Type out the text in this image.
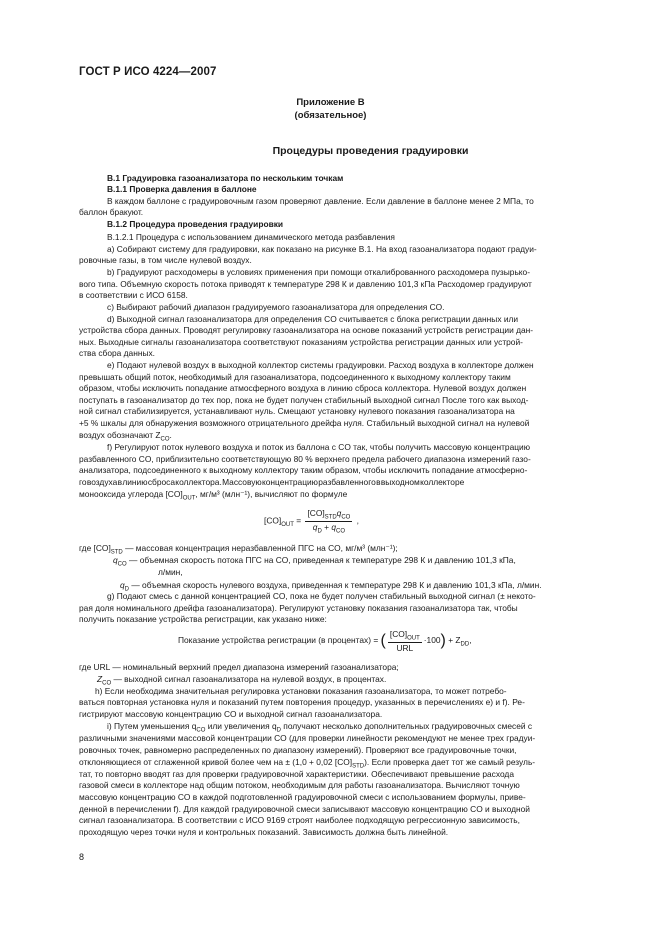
ГОСТ Р ИСО 4224—2007
Приложение В
(обязательное)
Процедуры проведения градуировки
В.1 Градуировка газоанализатора по нескольким точкам
В.1.1 Проверка давления в баллоне
В каждом баллоне с градуировочным газом проверяют давление. Если давление в баллоне менее 2 МПа, то
баллон бракуют.
В.1.2 Процедура проведения градуировки
В.1.2.1 Процедура с использованием динамического метода разбавления
а) Собирают систему для градуировки, как показано на рисунке В.1. На вход газоанализатора подают градуи-
ровочные газы, в том числе нулевой воздух.
b) Градуируют расходомеры в условиях применения при помощи откалиброванного расходомера пузырько-
вого типа. Объемную скорость потока приводят к температуре 298 К и давлению 101,3 кПа Расходомер градуируют
в соответствии с ИСО 6158.
c) Выбирают рабочий диапазон градуируемого газоанализатора для определения CO.
d) Выходной сигнал газоанализатора для определения CO считывается с блока регистрации данных или
устройства сбора данных. Проводят регулировку газоанализатора на основе показаний устройств регистрации дан-
ных. Выходные сигналы газоанализатора соответствуют показаниям устройства регистрации данных или устрой-
ства сбора данных.
е) Подают нулевой воздух в выходной коллектор системы градуировки. Расход воздуха в коллекторе должен
превышать общий поток, необходимый для газоанализатора, подсоединенного к выходному коллектору таким
образом, чтобы исключить попадание атмосферного воздуха в линию сброса коллектора. Нулевой воздух должен
поступать в газоанализатор до тех пор, пока не будет получен стабильный выходной сигнал После того как выход-
ной сигнал стабилизируется, устанавливают нуль. Смещают установку нулевого показания газоанализатора на
+5 % шкалы для обнаружения возможного отрицательного дрейфа нуля. Стабильный выходной сигнал на нулевой
воздух обозначают $Z_{CO}$.
f) Регулируют поток нулевого воздуха и поток из баллона с CO так, чтобы получить массовую концентрацию
разбавленного CO, приблизительно соответствующую 80 % верхнего предела рабочего диапазона измерений газо-
анализатора, подсоединенного к выходному коллектору таким образом, чтобы исключить попадание атмосферно-
го воздуха в линию сброса коллектора. Массовую концентрацию разбавленного в выходном коллекторе
монооксида углерода $[CO]_{OUT}$, мг/м³ (млн⁻¹), вычисляют по формуле
$[CO]_{OUT} = \frac{[CO]_{STD}q_{CO}}{q_D + q_{CO}}$ ,
где $[CO]_{STD}$ — массовая концентрация неразбавленной ПГС на CO, мг/м³ (млн⁻¹);
$q_{CO}$ — объемная скорость потока ПГС на CO, приведенная к температуре 298 К и давлению 101,3 кПа,
л/мин,
$q_D$ — объемная скорость нулевого воздуха, приведенная к температуре 298 К и давлению 101,3 кПа, л/мин.
g) Подают смесь с данной концентрацией CO, пока не будет получен стабильный выходной сигнал (± некото-
рая доля номинального дрейфа газоанализатора). Регулируют установку показания газоанализатора так, чтобы
получить показание устройства регистрации, как указано ниже:
Показание устройства регистрации (в процентах) = ( $\frac{[CO]_{OUT}}{\text{URL}} \cdot 100) + Z_{DD}$,
где URL — номинальный верхний предел диапазона измерений газоанализатора;
$Z_{CO}$ — выходной сигнал газоанализатора на нулевой воздух, в процентах.
h) Если необходима значительная регулировка установки показания газоанализатора, то может потребо-
ваться повторная установка нуля и показаний путем повторения процедур, указанных в перечислениях е) и f). Ре-
гистрируют массовую концентрацию CO и выходной сигнал газоанализатора.
i) Путем уменьшения $q_{CO}$ или увеличения $q_D$ получают несколько дополнительных градуировочных смесей с
различными значениями массовой концентрации CO (для проверки линейности рекомендуют не менее трех градуи-
ровочных точек, равномерно распределенных по диапазону измерений). Проверяют все градуировочные точки,
отклоняющиеся от сглаженной кривой более чем на ± (1,0 + 0,02 $[CO]_{STD}$). Если проверка дает тот же самый резуль-
тат, то повторно вводят газ для проверки градуировочной характеристики. Обеспечивают превышение расхода
газовой смеси в коллекторе над общим потоком, необходимым для работы газоанализатора. Вычисляют точную
массовую концентрацию CO в каждой подготовленной градуировочной смеси с использованием формулы, приве-
денной в перечислении f). Для каждой градуировочной смеси записывают массовую концентрацию CO и выходной
сигнал газоанализатора. В соответствии с ИСО 9169 строят наиболее подходящую регрессионную зависимость,
проходящую через точки нуля и контрольных показаний. Зависимость должна быть линейной.
8
